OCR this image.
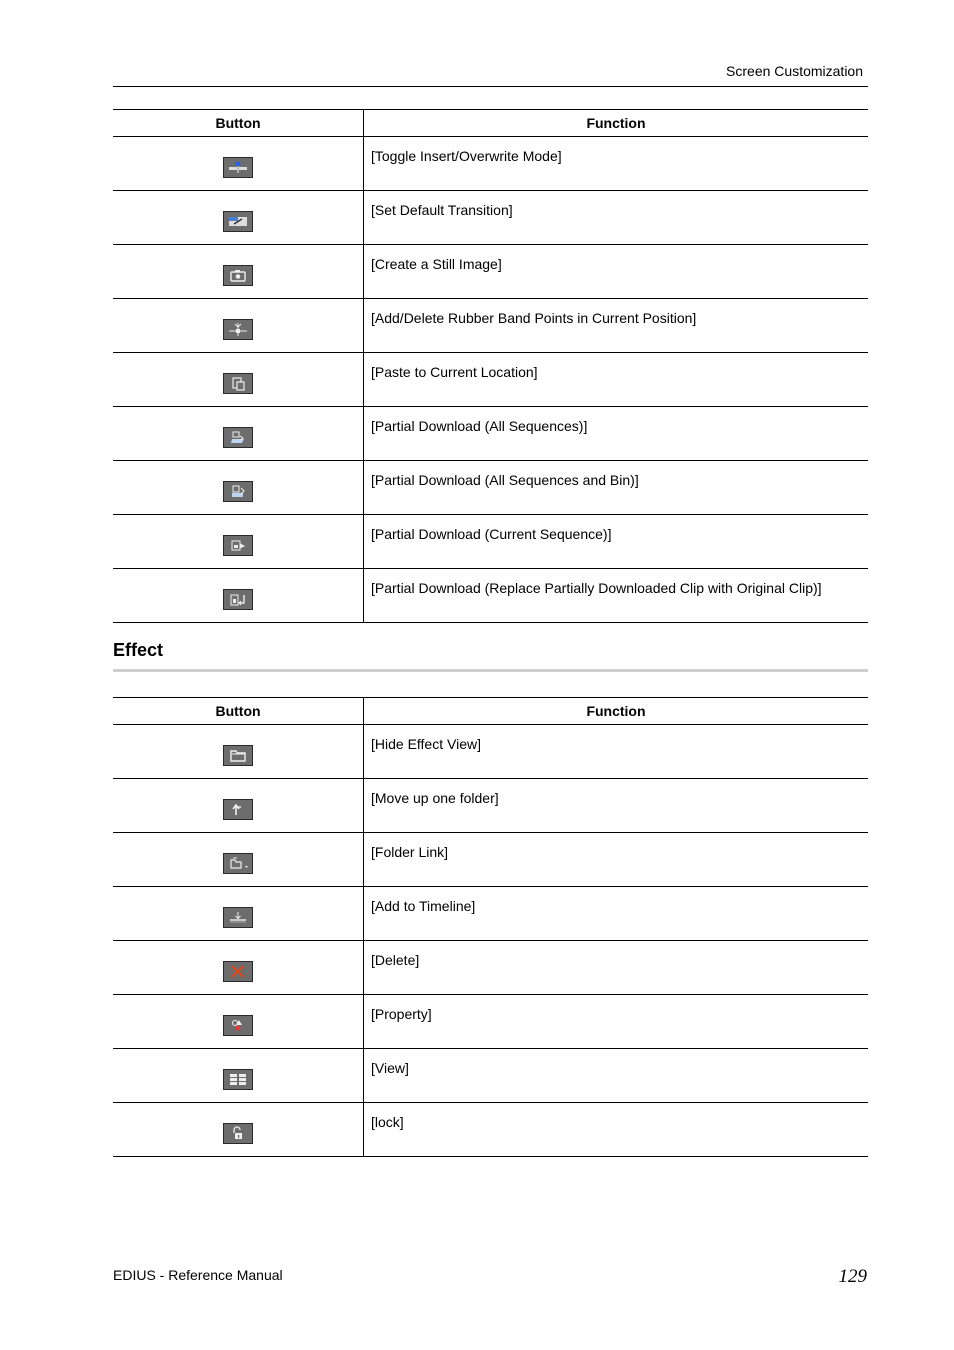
Screen Customization
Button	Function

	[Toggle Insert/Overwrite Mode]

	[Set Default Transition]

	[Create a Still Image]

	[Add/Delete Rubber Band Points in Current Position]

	[Paste to Current Location]

	[Partial Download (All Sequences)]

	[Partial Download (All Sequences and Bin)]

	[Partial Download (Current Sequence)]

	[Partial Download (Replace Partially Downloaded Clip with Original Clip)]
Effect
Button	Function

	[Hide Effect View]

	[Move up one folder]

	[Folder Link]

	[Add to Timeline]

	[Delete]

	[Property]

	[View]

	[lock]
EDIUS - Reference Manual	129
